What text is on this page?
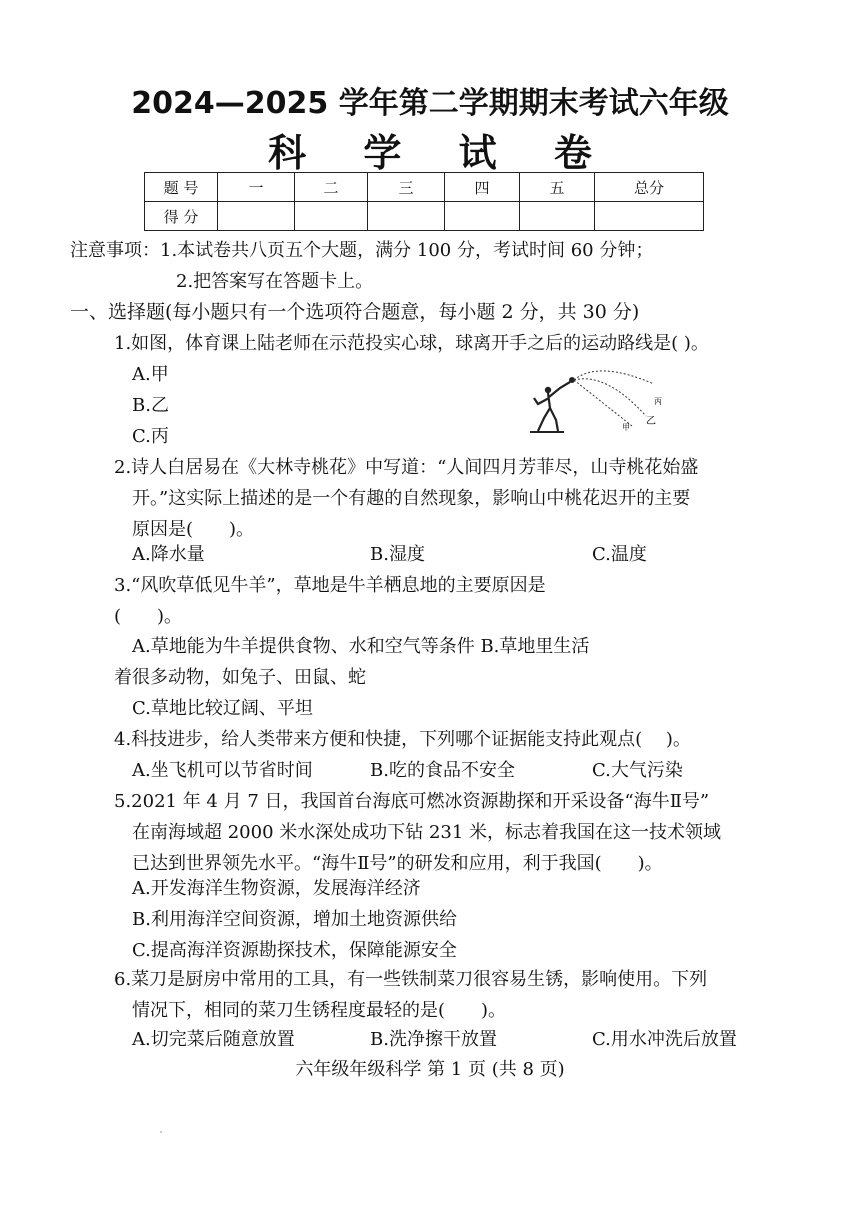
2024—2025 学年第二学期期末考试六年级
科 学 试 卷
题 号	一	二	三	四	五	总分
得 分						
注意事项：1.本试卷共八页五个大题，满分 100 分，考试时间 60 分钟；
2.把答案写在答题卡上。
一、选择题(每小题只有一个选项符合题意，每小题 2 分，共 30 分)
1.如图，体育课上陆老师在示范投实心球，球离开手之后的运动路线是( )。
A.甲
B.乙
C.丙	甲
乙
丙
2.诗人白居易在《大林寺桃花》中写道：“人间四月芳菲尽，山寺桃花始盛
开。”这实际上描述的是一个有趣的自然现象，影响山中桃花迟开的主要
原因是(　　)。
A.降水量	B.湿度	C.温度
3.“风吹草低见牛羊”，草地是牛羊栖息地的主要原因是
(　　)。
A.草地能为牛羊提供食物、水和空气等条件 B.草地里生活
着很多动物，如兔子、田鼠、蛇
C.草地比较辽阔、平坦
4.科技进步，给人类带来方便和快捷，下列哪个证据能支持此观点(　 )。
A.坐飞机可以节省时间	B.吃的食品不安全	C.大气污染
5.2021 年 4 月 7 日，我国首台海底可燃冰资源勘探和开采设备“海牛Ⅱ号”
在南海域超 2000 米水深处成功下钻 231 米，标志着我国在这一技术领域
已达到世界领先水平。“海牛Ⅱ号”的研发和应用，利于我国(　　)。
A.开发海洋生物资源，发展海洋经济
B.利用海洋空间资源，增加土地资源供给
C.提高海洋资源勘探技术，保障能源安全
6.菜刀是厨房中常用的工具，有一些铁制菜刀很容易生锈，影响使用。下列
情况下，相同的菜刀生锈程度最轻的是(　　)。
A.切完菜后随意放置	B.洗净擦干放置	C.用水冲洗后放置
六年级年级科学 第 1 页 (共 8 页)
